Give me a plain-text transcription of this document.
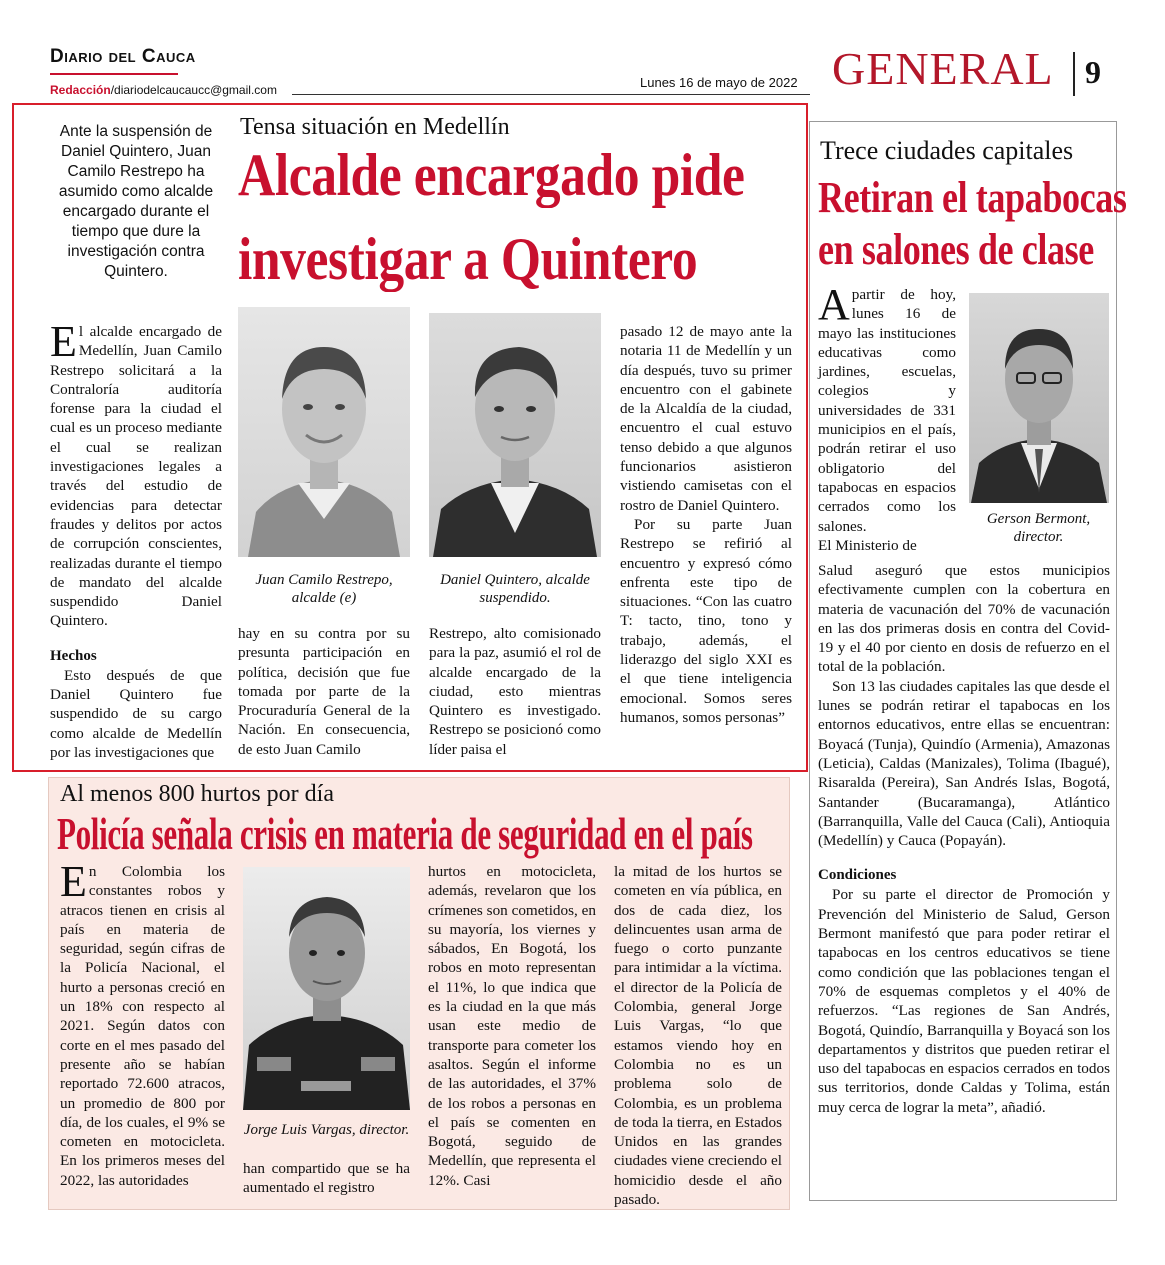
Diario del Cauca
Redacción/diariodelcaucaucc@gmail.com	Lunes 16 de mayo de 2022 GENERAL 9
Ante la suspensión de Daniel Quintero, Juan Camilo Restrepo ha asumido como alcalde encargado durante el tiempo que dure la investigación contra Quintero.
Tensa situación en Medellín
Alcalde encargado pide
investigar a Quintero

El alcalde encargado de Medellín, Juan Camilo Restrepo solicitará a la Contraloría auditoría forense para la ciudad el cual es un proceso mediante el cual se realizan investigaciones legales a través del estudio de evidencias para detectar fraudes y delitos por actos de corrupción conscientes, realizadas durante el tiempo de mandato del alcalde suspendido Daniel Quintero.

Hechos

Esto después de que Daniel Quintero fue suspendido de su cargo como alcalde de Medellín por las investigaciones que

Juan Camilo Restrepo, alcalde (e)
Daniel Quintero, alcalde suspendido.

hay en su contra por su presunta participación en política, decisión que fue tomada por parte de la Procuraduría General de la Nación. En consecuencia, de esto Juan Camilo

Restrepo, alto comisionado para la paz, asumió el rol de alcalde encargado de la ciudad, esto mientras Quintero es investigado. Restrepo se posicionó como líder paisa el

pasado 12 de mayo ante la notaria 11 de Medellín y un día después, tuvo su primer encuentro con el gabinete de la Alcaldía de la ciudad, encuentro el cual estuvo tenso debido a que algunos funcionarios asistieron vistiendo camisetas con el rostro de Daniel Quintero.

Por su parte Juan Restrepo se refirió al encuentro y expresó cómo enfrenta este tipo de situaciones. “Con las cuatro T: tacto, tino, tono y trabajo, además, el liderazgo del siglo XXI es el que tiene inteligencia emocional. Somos seres humanos, somos personas”

Trece ciudades capitales
Retiran el tapabocas
en salones de clase

Apartir de hoy, lunes 16 de mayo las instituciones educativas como jardines, escuelas, colegios y universidades de 331 municipios en el país, podrán retirar el uso obligatorio del tapabocas en espacios cerrados como los salones.

El Ministerio de

Gerson Bermont, director.

Salud aseguró que estos municipios efectivamente cumplen con la cobertura en materia de vacunación del 70% de vacunación en las dos primeras dosis en contra del Covid-19 y el 40 por ciento en dosis de refuerzo en el total de la población.

Son 13 las ciudades capitales las que desde el lunes se podrán retirar el tapabocas en los entornos educativos, entre ellas se encuentran: Boyacá (Tunja), Quindío (Armenia), Amazonas (Leticia), Caldas (Manizales), Tolima (Ibagué), Risaralda (Pereira), San Andrés Islas, Bogotá, Santander (Bucaramanga), Atlántico (Barranquilla, Valle del Cauca (Cali), Antioquia (Medellín) y Cauca (Popayán).

Condiciones

Por su parte el director de Promoción y Prevención del Ministerio de Salud, Gerson Bermont manifestó que para poder retirar el tapabocas en los centros educativos se tiene como condición que las poblaciones tengan el 70% de esquemas completos y el 40% de refuerzos. “Las regiones de San Andrés, Bogotá, Quindío, Barranquilla y Boyacá son los departamentos y distritos que pueden retirar el uso del tapabocas en espacios cerrados en todos sus territorios, donde Caldas y Tolima, están muy cerca de lograr la meta”, añadió.

Al menos 800 hurtos por día
Policía señala crisis en materia de seguridad en el país

En Colombia los constantes robos y atracos tienen en crisis al país en materia de seguridad, según cifras de la Policía Nacional, el hurto a personas creció en un 18% con respecto al 2021. Según datos con corte en el mes pasado del presente año se habían reportado 72.600 atracos, un promedio de 800 por día, de los cuales, el 9% se cometen en motocicleta. En los primeros meses del 2022, las autoridades

Jorge Luis Vargas, director.

han compartido que se ha aumentado el registro

hurtos en motocicleta, además, revelaron que los crímenes son cometidos, en su mayoría, los viernes y sábados, En Bogotá, los robos en moto representan el 11%, lo que indica que es la ciudad en la que más usan este medio de transporte para cometer los asaltos. Según el informe de las autoridades, el 37% de los robos a personas en el país se comenten en Bogotá, seguido de Medellín, que representa el 12%. Casi

la mitad de los hurtos se cometen en vía pública, en dos de cada diez, los delincuentes usan arma de fuego o corto punzante para intimidar a la víctima. el director de la Policía de Colombia, general Jorge Luis Vargas, “lo que estamos viendo hoy en Colombia no es un problema solo de Colombia, es un problema de toda la tierra, en Estados Unidos en las grandes ciudades viene creciendo el homicidio desde el año pasado.
